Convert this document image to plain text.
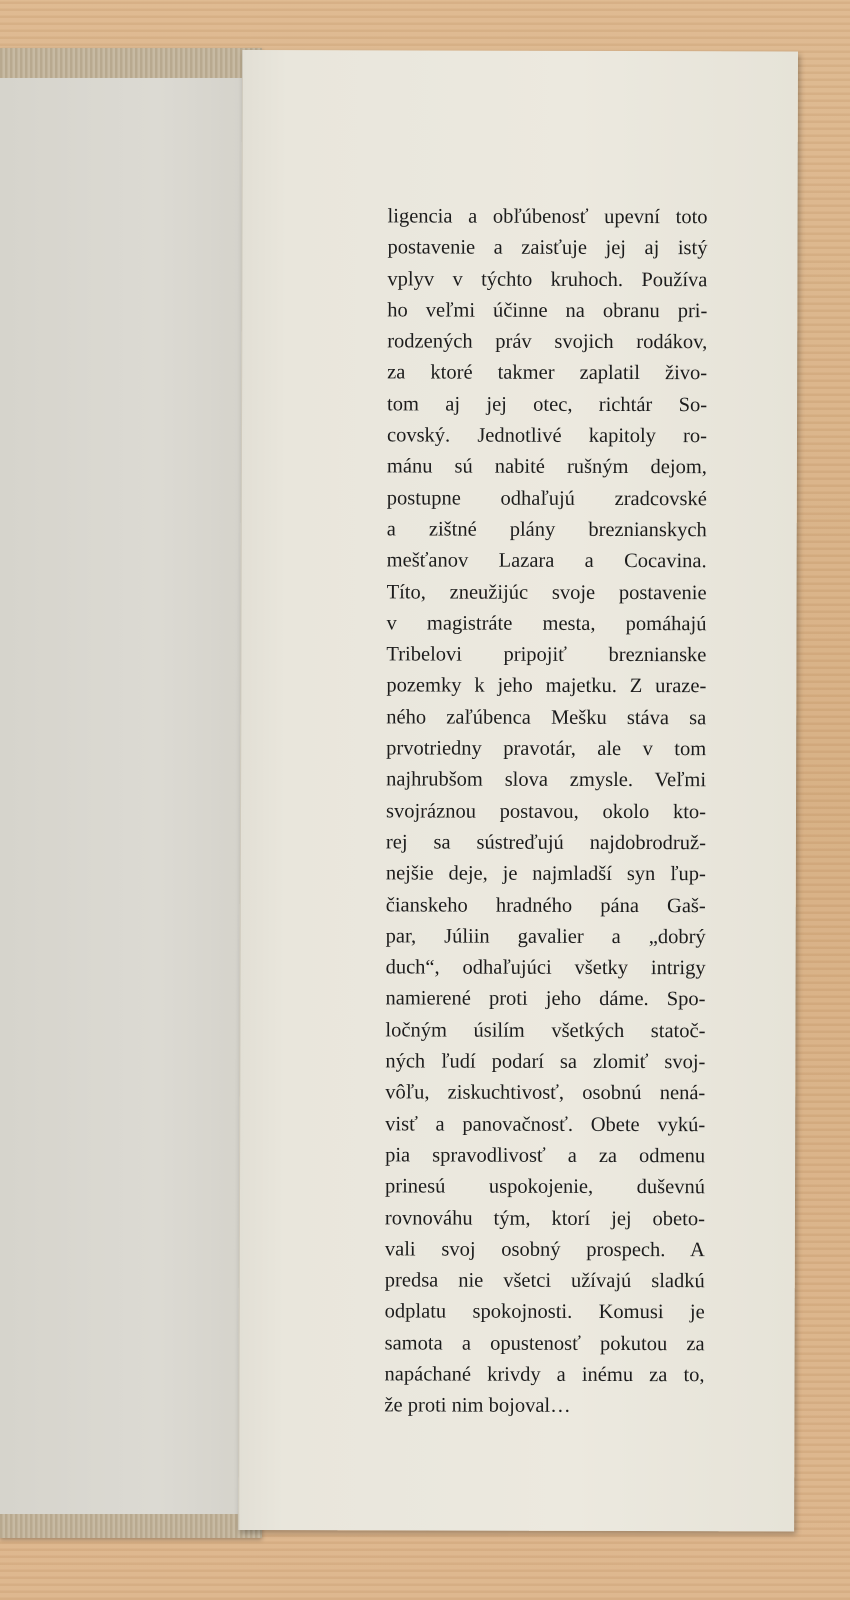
ligencia a obľúbenosť upevní toto
postavenie a zaisťuje jej aj istý
vplyv v týchto kruhoch. Používa
ho veľmi účinne na obranu pri-
rodzených práv svojich rodákov,
za ktoré takmer zaplatil živo-
tom aj jej otec, richtár So-
covský. Jednotlivé kapitoly ro-
mánu sú nabité rušným dejom,
postupne odhaľujú zradcovské
a zištné plány breznianskych
mešťanov Lazara a Cocavina.
Títo, zneužijúc svoje postavenie
v magistráte mesta, pomáhajú
Tribelovi pripojiť breznianske
pozemky k jeho majetku. Z uraze-
ného zaľúbenca Mešku stáva sa
prvotriedny pravotár, ale v tom
najhrubšom slova zmysle. Veľmi
svojráznou postavou, okolo kto-
rej sa sústreďujú najdobrodruž-
nejšie deje, je najmladší syn ľup-
čianskeho hradného pána Gaš-
par, Júliin gavalier a „dobrý
duch“, odhaľujúci všetky intrigy
namierené proti jeho dáme. Spo-
ločným úsilím všetkých statoč-
ných ľudí podarí sa zlomiť svoj-
vôľu, ziskuchtivosť, osobnú nená-
visť a panovačnosť. Obete vykú-
pia spravodlivosť a za odmenu
prinesú uspokojenie, duševnú
rovnováhu tým, ktorí jej obeto-
vali svoj osobný prospech. A
predsa nie všetci užívajú sladkú
odplatu spokojnosti. Komusi je
samota a opustenosť pokutou za
napáchané krivdy a inému za to,
že proti nim bojoval…
